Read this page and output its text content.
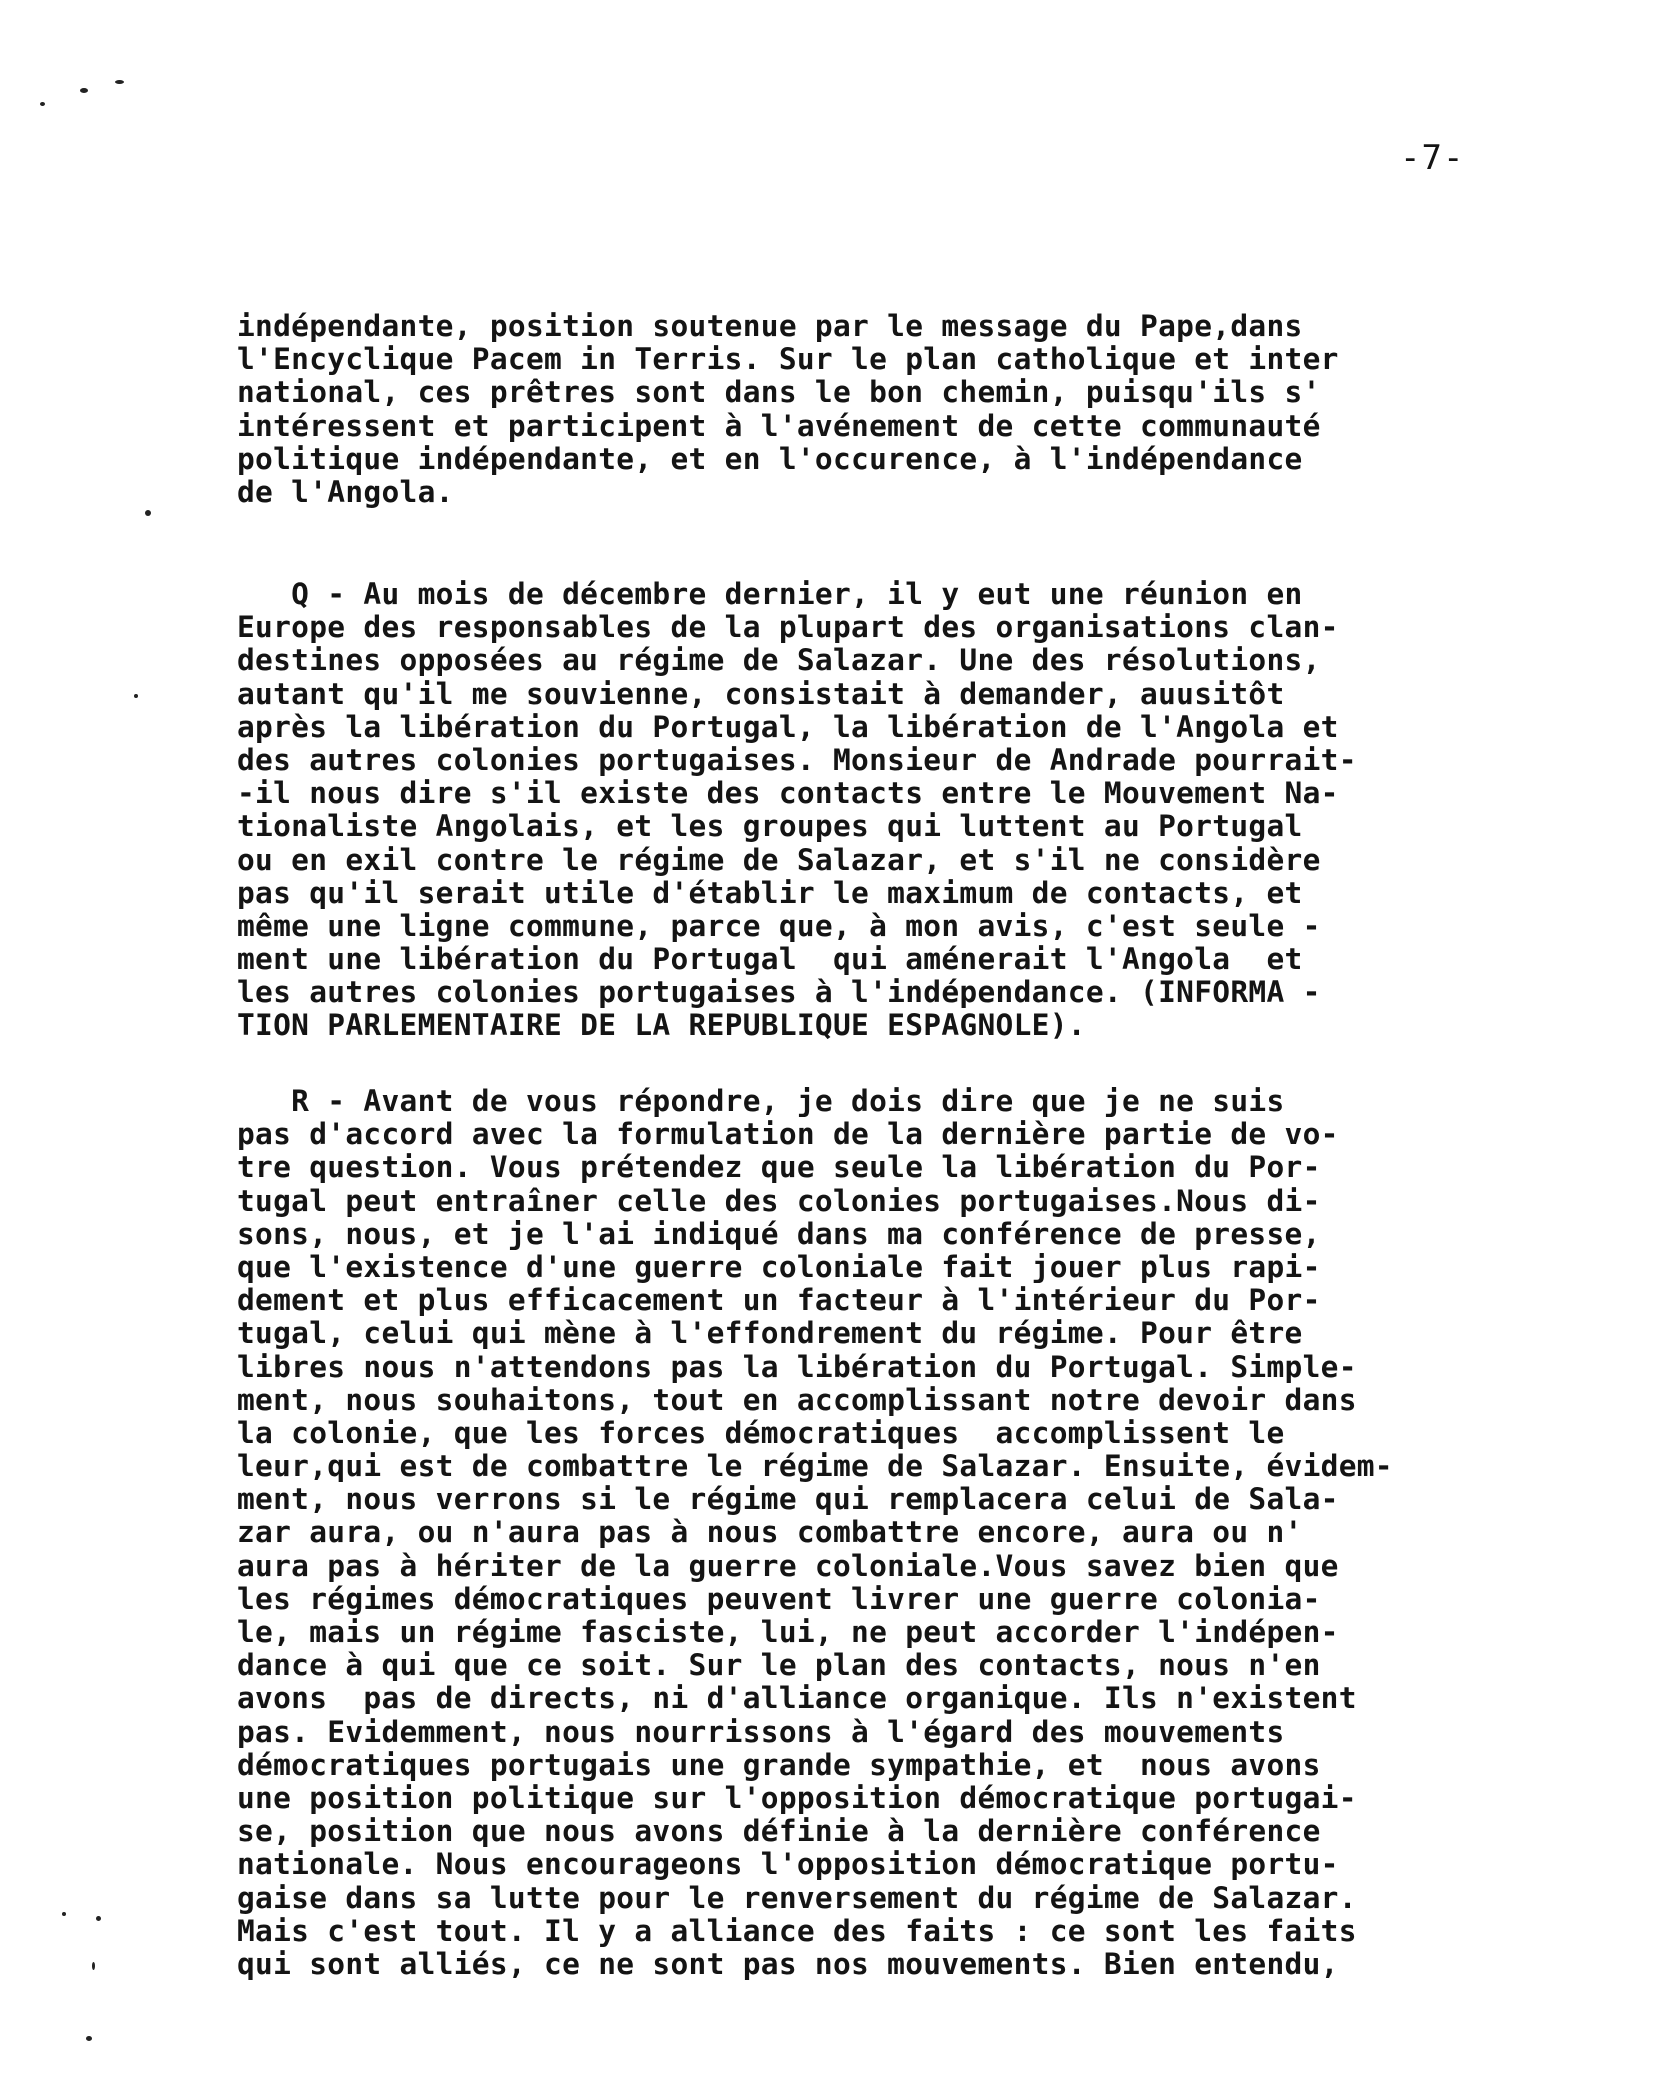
-7-
indépendante, position soutenue par le message du Pape,dans
l'Encyclique Pacem in Terris. Sur le plan catholique et inter
national, ces prêtres sont dans le bon chemin, puisqu'ils s'
intéressent et participent à l'avénement de cette communauté
politique indépendante, et en l'occurence, à l'indépendance
de l'Angola.
Q - Au mois de décembre dernier, il y eut une réunion en
Europe des responsables de la plupart des organisations clan-
destines opposées au régime de Salazar. Une des résolutions,
autant qu'il me souvienne, consistait à demander, auusitôt
après la libération du Portugal, la libération de l'Angola et
des autres colonies portugaises. Monsieur de Andrade pourrait-
-il nous dire s'il existe des contacts entre le Mouvement Na-
tionaliste Angolais, et les groupes qui luttent au Portugal
ou en exil contre le régime de Salazar, et s'il ne considère
pas qu'il serait utile d'établir le maximum de contacts, et
même une ligne commune, parce que, à mon avis, c'est seule -
ment une libération du Portugal  qui aménerait l'Angola  et
les autres colonies portugaises à l'indépendance. (INFORMA -
TION PARLEMENTAIRE DE LA REPUBLIQUE ESPAGNOLE).
R - Avant de vous répondre, je dois dire que je ne suis
pas d'accord avec la formulation de la dernière partie de vo-
tre question. Vous prétendez que seule la libération du Por-
tugal peut entraîner celle des colonies portugaises.Nous di-
sons, nous, et je l'ai indiqué dans ma conférence de presse,
que l'existence d'une guerre coloniale fait jouer plus rapi-
dement et plus efficacement un facteur à l'intérieur du Por-
tugal, celui qui mène à l'effondrement du régime. Pour être
libres nous n'attendons pas la libération du Portugal. Simple-
ment, nous souhaitons, tout en accomplissant notre devoir dans
la colonie, que les forces démocratiques  accomplissent le
leur,qui est de combattre le régime de Salazar. Ensuite, évidem-
ment, nous verrons si le régime qui remplacera celui de Sala-
zar aura, ou n'aura pas à nous combattre encore, aura ou n'
aura pas à hériter de la guerre coloniale.Vous savez bien que
les régimes démocratiques peuvent livrer une guerre colonia-
le, mais un régime fasciste, lui, ne peut accorder l'indépen-
dance à qui que ce soit. Sur le plan des contacts, nous n'en
avons  pas de directs, ni d'alliance organique. Ils n'existent
pas. Evidemment, nous nourrissons à l'égard des mouvements
démocratiques portugais une grande sympathie, et  nous avons
une position politique sur l'opposition démocratique portugai-
se, position que nous avons définie à la dernière conférence
nationale. Nous encourageons l'opposition démocratique portu-
gaise dans sa lutte pour le renversement du régime de Salazar.
Mais c'est tout. Il y a alliance des faits : ce sont les faits
qui sont alliés, ce ne sont pas nos mouvements. Bien entendu,
